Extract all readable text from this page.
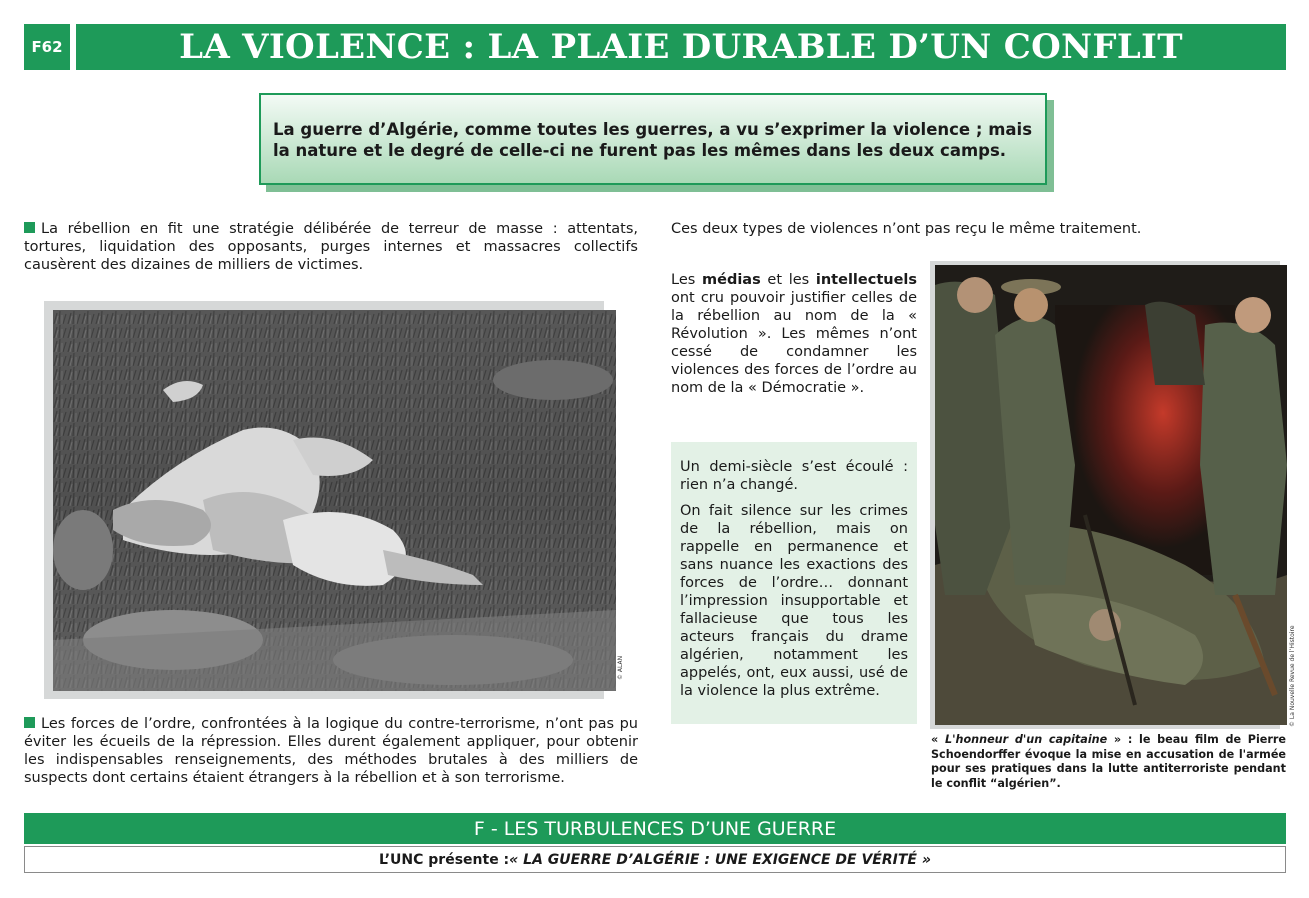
F62	LA VIOLENCE : LA PLAIE DURABLE D’UN CONFLIT
La guerre d’Algérie, comme toutes les guerres, a vu s’exprimer la violence ; mais
la nature et le degré de celle-ci ne furent pas les mêmes dans les deux camps.
La rébellion en fit une stratégie délibérée de terreur de masse : attentats, tortures, liquidation des opposants, purges internes et massacres collectifs causèrent des dizaines de milliers de victimes.
© ALAN
Les forces de l’ordre, confrontées à la logique du contre-terrorisme, n’ont pas pu éviter les écueils de la répression. Elles durent également appliquer, pour obtenir les indispensables renseignements, des méthodes brutales à des milliers de suspects dont certains étaient étrangers à la rébellion et à son terrorisme.
Ces deux types de violences n’ont pas reçu le même traitement.
Les médias et les intellectuels ont cru pouvoir justifier celles de la rébellion au nom de la « Révolution ». Les mêmes n’ont cessé de condamner les violences des forces de l’ordre au nom de la « Démocratie ».

Un demi-siècle s’est écoulé : rien n’a changé.

On fait silence sur les crimes de la rébellion, mais on rappelle en permanence et sans nuance les exactions des forces de l’ordre… donnant l’impression insupportable et fallacieuse que tous les acteurs français du drame algérien, notamment les appelés, ont, eux aussi, usé de la violence la plus extrême.	© La Nouvelle Revue de l’Histoire
« L'honneur d'un capitaine » : le beau film de Pierre Schoendorffer évoque la mise en accusation de l'armée pour ses pratiques dans la lutte antiterroriste pendant le conflit “algérien”.
F - LES TURBULENCES D’UNE GUERRE
L’UNC présente : « LA GUERRE D’ALGÉRIE : UNE EXIGENCE DE VÉRITÉ »
